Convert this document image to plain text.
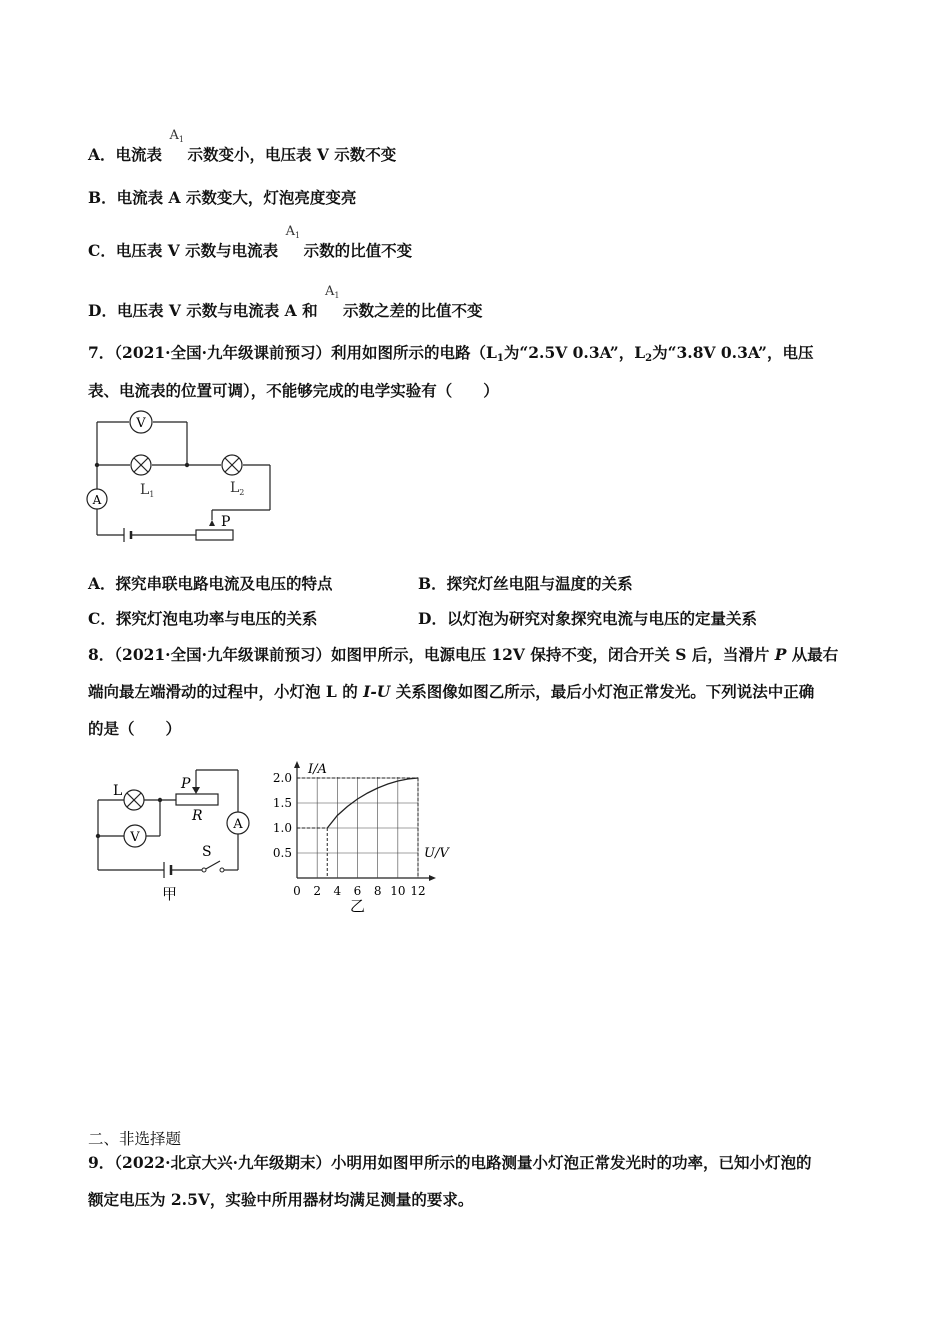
A．电流表
$A_1$
示数变小，电压表 V 示数不变
B．电流表 A 示数变大，灯泡亮度变亮
C．电压表 V 示数与电流表
$A_1$
示数的比值不变
D．电压表 V 示数与电流表 A 和
$A_1$
示数之差的比值不变
7．（2021·全国·九年级课前预习）利用如图所示的电路（$L_1$为“2.5V 0.3A”，$L_2$为“3.8V 0.3A”，电压
表、电流表的位置可调），不能够完成的电学实验有（　　）
P
V
A
$L_1$	$L_2$
A．探究串联电路电流及电压的特点	B．探究灯丝电阻与温度的关系
C．探究灯泡电功率与电压的关系	D．以灯泡为研究对象探究电流与电压的定量关系
8．（2021·全国·九年级课前预习）如图甲所示，电源电压 12V 保持不变，闭合开关 S 后，当滑片 P 从最右
端向最左端滑动的过程中，小灯泡 L 的 I-U 关系图像如图乙所示，最后小灯泡正常发光。下列说法中正确
的是（　　）
V
A
L	P
R
S
甲	0 2 4 6 8 10 12
0.5
1.0
1.5
2.0
I/A
U/V
乙
二、非选择题
9．（2022·北京大兴·九年级期末）小明用如图甲所示的电路测量小灯泡正常发光时的功率，已知小灯泡的
额定电压为 2.5V，实验中所用器材均满足测量的要求。
